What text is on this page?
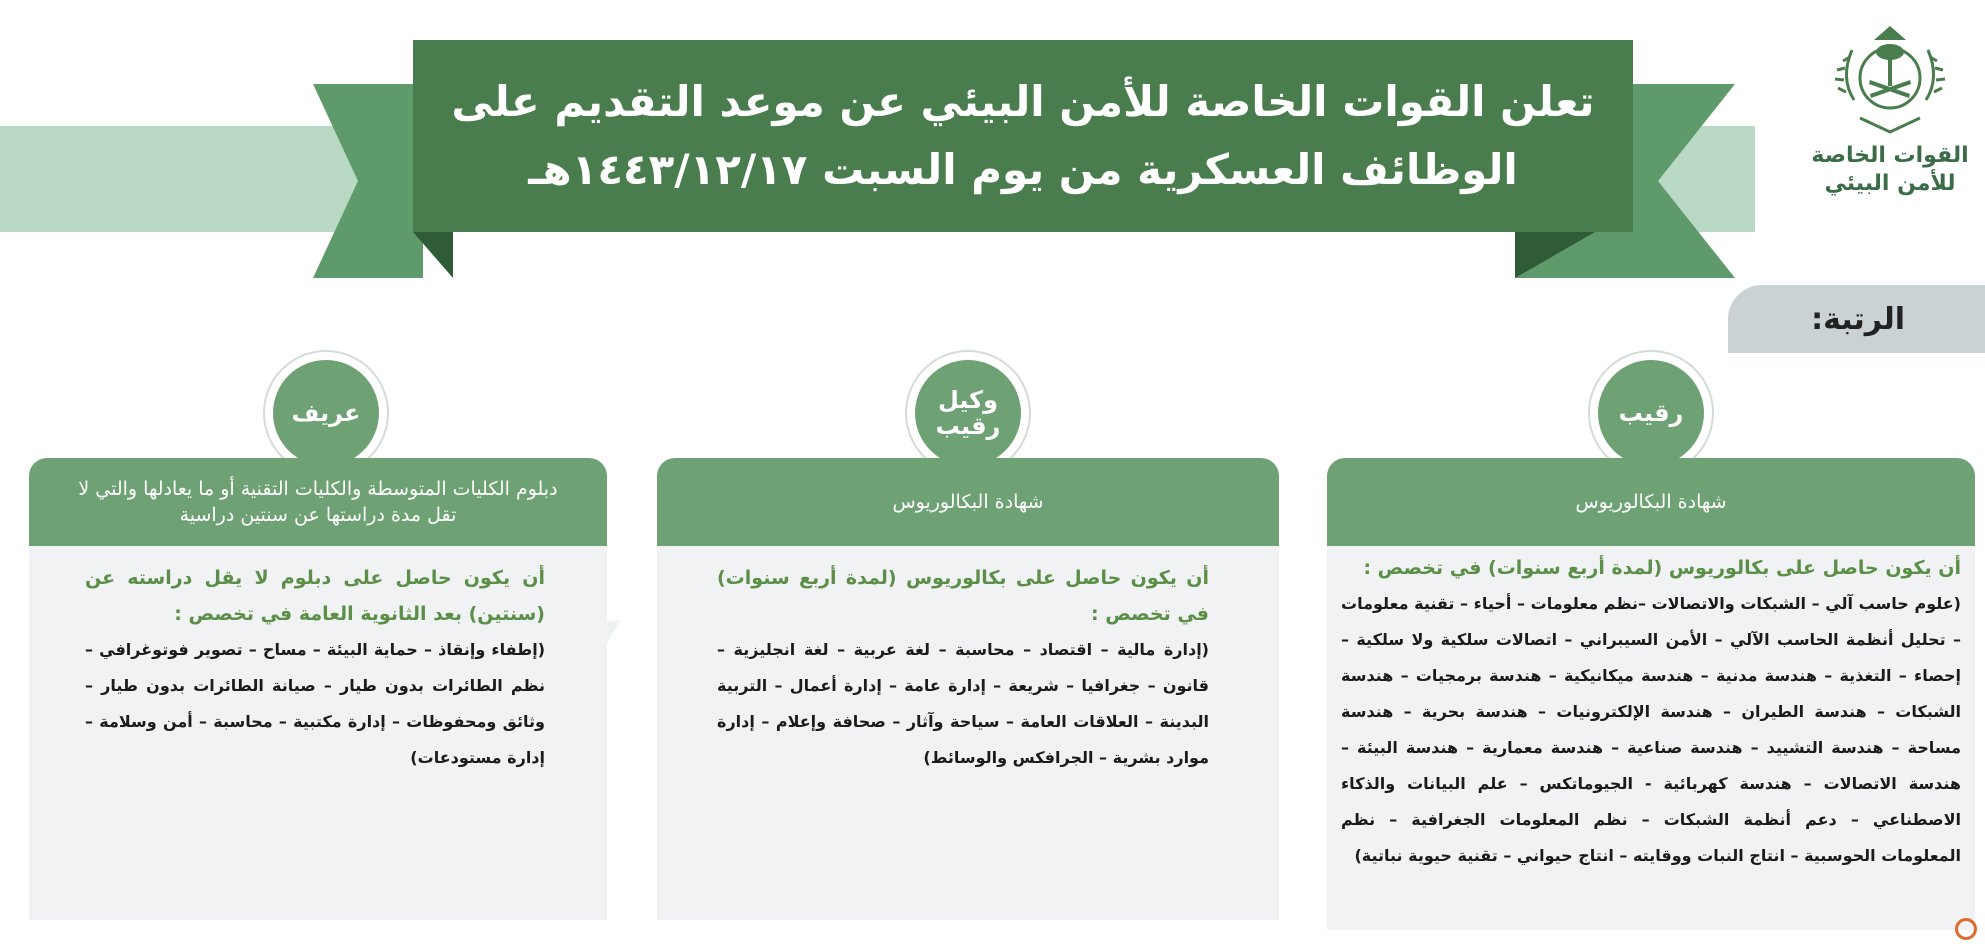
تعلن القوات الخاصة للأمن البيئي عن موعد التقديم على
الوظائف العسكرية من يوم السبت ١٤٤٣/١٢/١٧هـ	القوات الخاصة
للأمن البيئي
الرتبة:
رقيب
شهادة البكالوريوس

أن يكون حاصل على بكالوريوس (لمدة أربع سنوات) في تخصص :

(علوم حاسب آلي – الشبكات والاتصالات –نظم معلومات – أحياء – تقنية معلومات – تحليل أنظمة الحاسب الآلي – الأمن السيبراني – اتصالات سلكية ولا سلكية – إحصاء – التغذية – هندسة مدنية – هندسة ميكانيكية – هندسة برمجيات – هندسة الشبكات – هندسة الطيران – هندسة الإلكترونيات – هندسة بحرية – هندسة مساحة – هندسة التشييد – هندسة صناعية – هندسة معمارية – هندسة البيئة – هندسة الاتصالات – هندسة كهربائية - الجيوماتكس – علم البيانات والذكاء الاصطناعي – دعم أنظمة الشبكات – نظم المعلومات الجغرافية – نظم المعلومات الحوسبية – انتاج النبات ووقايته – انتاج حيواني – تقنية حيوية نباتية)

وكيل رقيب
شهادة البكالوريوس

أن يكون حاصل على بكالوريوس (لمدة أربع سنوات) في تخصص :

(إدارة مالية – اقتصاد – محاسبة – لغة عربية – لغة انجليزية – قانون – جغرافيا – شريعة – إدارة عامة – إدارة أعمال – التربية البدينة – العلاقات العامة – سياحة وآثار – صحافة وإعلام – إدارة موارد بشرية – الجرافكس والوسائط)

عريف
دبلوم الكليات المتوسطة والكليات التقنية أو ما يعادلها والتي لا تقل مدة دراستها عن سنتين دراسية

أن يكون حاصل على دبلوم لا يقل دراسته عن (سنتين) بعد الثانوية العامة في تخصص :

(إطفاء وإنقاذ – حماية البيئة – مساح – تصوير فوتوغرافي – نظم الطائرات بدون طيار – صيانة الطائرات بدون طيار – وثائق ومحفوظات – إدارة مكتبية – محاسبة – أمن وسلامة – إدارة مستودعات)
